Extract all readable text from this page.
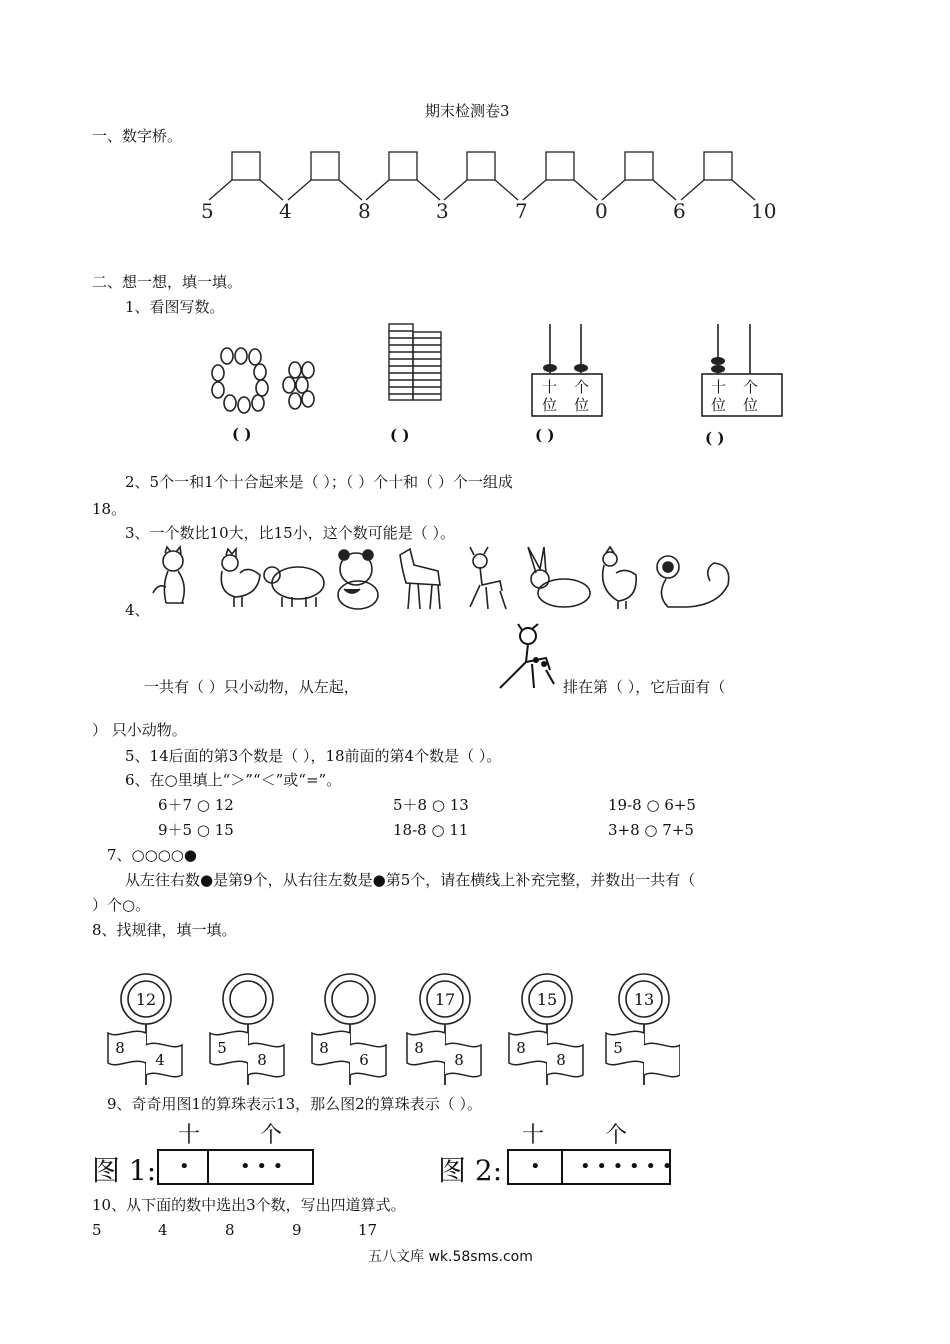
期末检测卷3
一、数字桥。
5	4	8	3	7	0	6	10
二、想一想，填一填。
1、看图写数。
十 个
位 位
十 个
位 位
( )	( )	( )	( )
2、5个一和1个十合起来是（ ）；（ ）个十和（ ）个一组成
18。
3、一个数比10大，比15小，这个数可能是（ ）。
4、
一共有（ ）只小动物，从左起，	排在第（ ），它后面有（
） 只小动物。
5、14后面的第3个数是（ ），18前面的第4个数是（ ）。
6、在○里填上“＞”“＜”或“=”。
6＋7 ○ 12	5＋8 ○ 13	19-8 ○ 6+5
9＋5 ○ 15	18-8 ○ 11	3+8 ○ 7+5
7、○○○○●
从左往右数●是第9个，从右往左数是●第5个，请在横线上补充完整，并数出一共有（
）个○。
8、找规律，填一填。
12
8
4
5
8
8
6
17
8
8
15
8
8
13
5
9、奇奇用图1的算珠表示13，那么图2的算珠表示（ ）。
十	个	十	个
图 1:	图 2:
•	• • •	• • • • • • •
10、从下面的数中选出3个数，写出四道算式。
5	4	8	9	17
五八文库 wk.58sms.com
